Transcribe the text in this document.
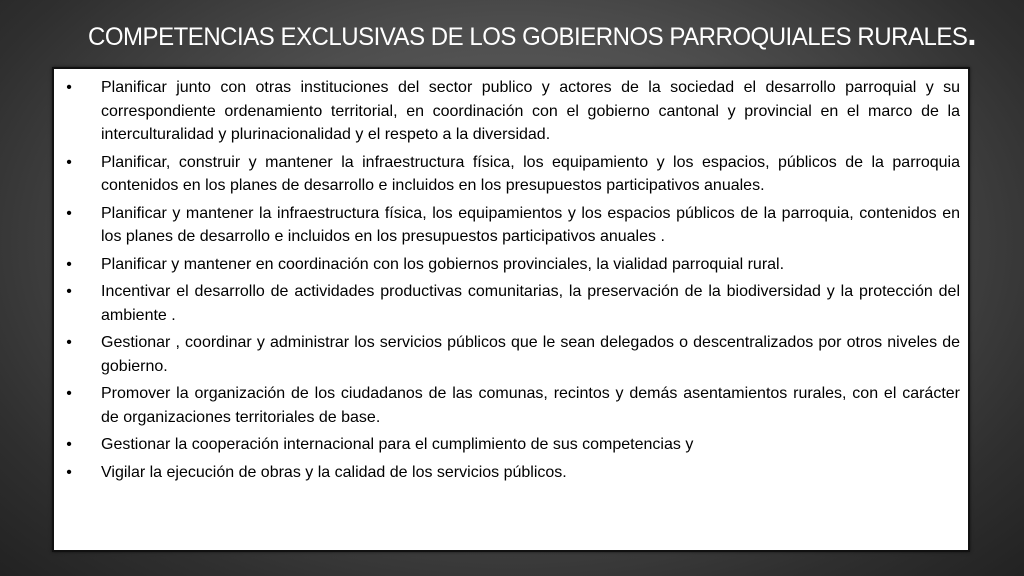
COMPETENCIAS EXCLUSIVAS DE LOS GOBIERNOS PARROQUIALES RURALES.
• Planificar junto con otras instituciones del sector publico y actores de la sociedad el desarrollo parroquial y su correspondiente ordenamiento territorial, en coordinación con el gobierno cantonal y provincial en el marco de la interculturalidad y plurinacionalidad y el respeto a la diversidad.
• Planificar, construir y mantener la infraestructura física, los equipamiento y los espacios, públicos de la parroquia contenidos en los planes de desarrollo e incluidos en los presupuestos participativos anuales.
• Planificar y mantener la infraestructura física, los equipamientos y los espacios públicos de la parroquia, contenidos en los planes de desarrollo e incluidos en los presupuestos participativos anuales .
• Planificar y mantener en coordinación con los gobiernos provinciales, la vialidad parroquial rural.
• Incentivar el desarrollo de actividades productivas comunitarias, la preservación de la biodiversidad y la protección del ambiente .
• Gestionar , coordinar y administrar los servicios públicos que le sean delegados o descentralizados por otros niveles de gobierno.
• Promover la organización de los ciudadanos de las comunas, recintos y demás asentamientos rurales, con el carácter de organizaciones territoriales de base.
• Gestionar la cooperación internacional para el cumplimiento de sus competencias y
• Vigilar la ejecución de obras y la calidad de los servicios públicos.
